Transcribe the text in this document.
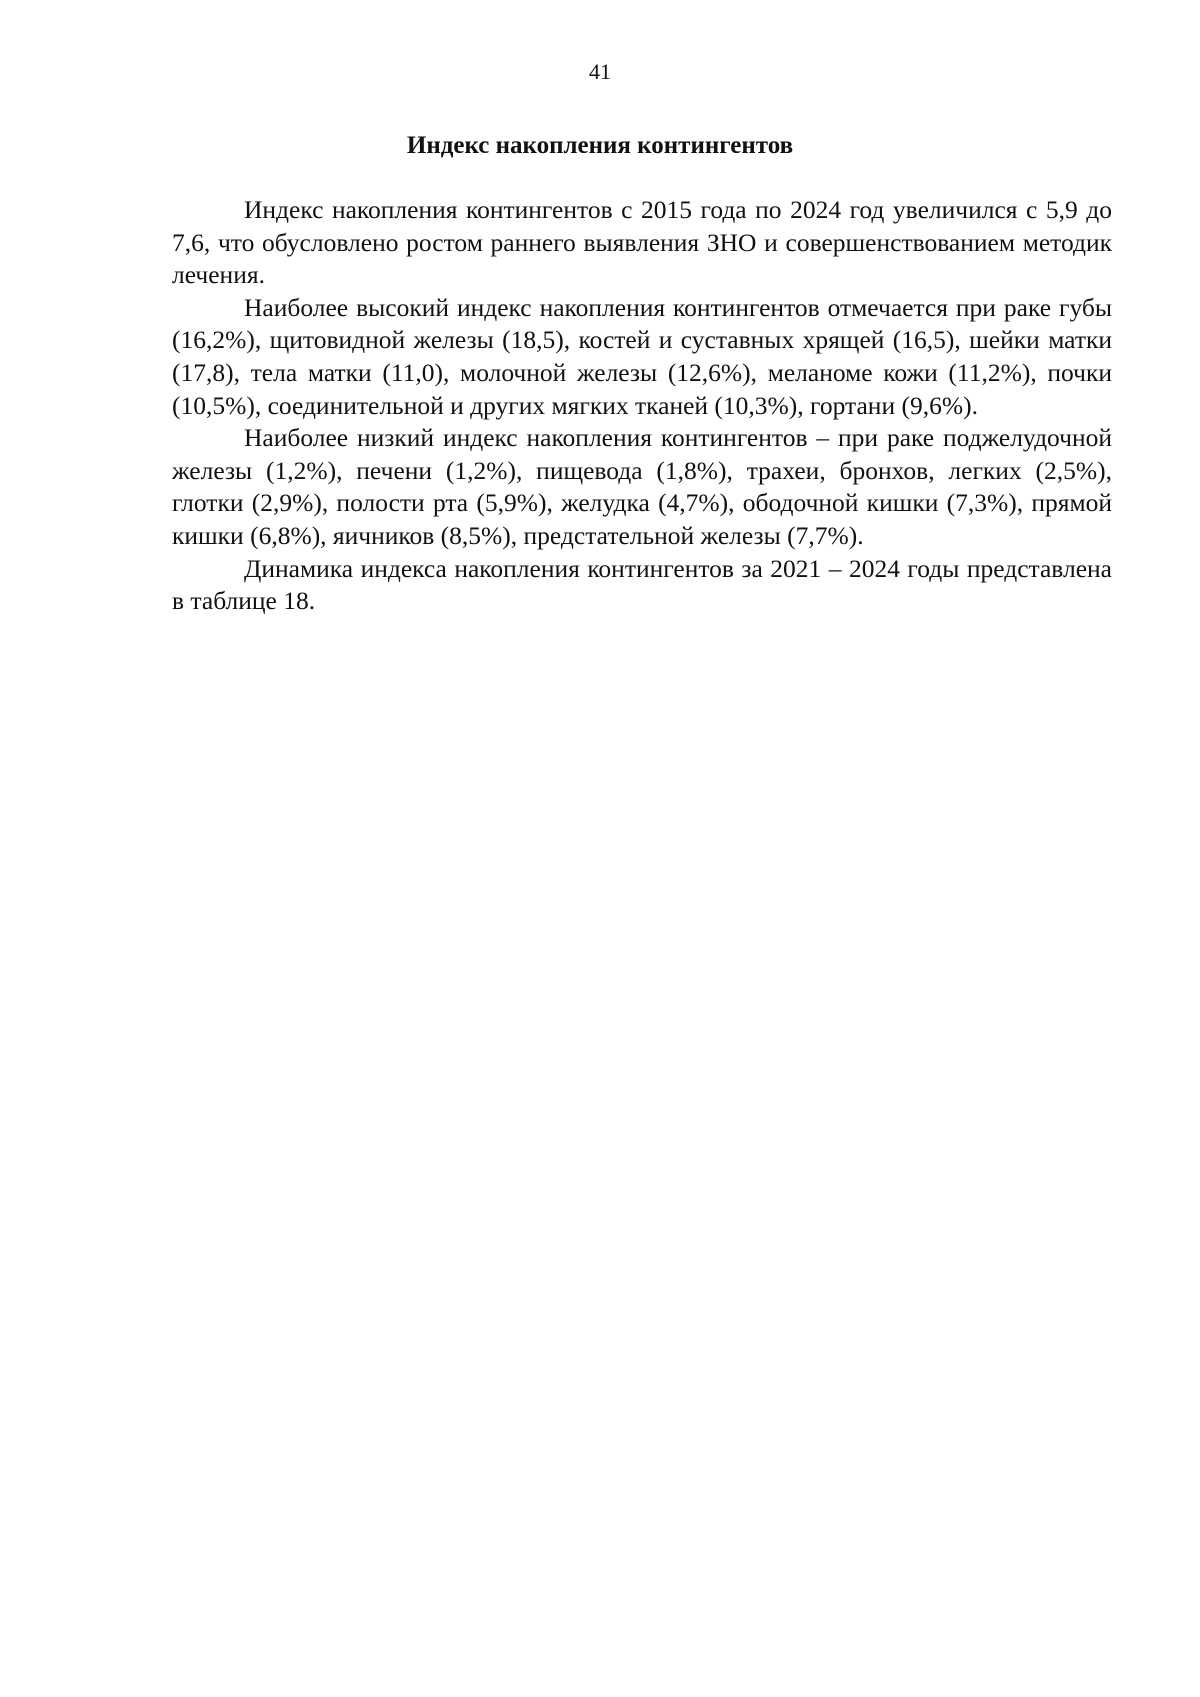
41
Индекс накопления контингентов

Индекс накопления контингентов с 2015 года по 2024 год увеличился с 5,9 до 7,6, что обусловлено ростом раннего выявления ЗНО и совершенствованием методик лечения.

Наиболее высокий индекс накопления контингентов отмечается при раке губы (16,2%), щитовидной железы (18,5), костей и суставных хрящей (16,5), шейки матки (17,8), тела матки (11,0), молочной железы (12,6%), меланоме кожи (11,2%), почки (10,5%), соединительной и других мягких тканей (10,3%), гортани (9,6%).

Наиболее низкий индекс накопления контингентов – при раке поджелудочной железы (1,2%), печени (1,2%), пищевода (1,8%), трахеи, бронхов, легких (2,5%), глотки (2,9%), полости рта (5,9%), желудка (4,7%), ободочной кишки (7,3%), прямой кишки (6,8%), яичников (8,5%), предстательной железы (7,7%).

Динамика индекса накопления контингентов за 2021 – 2024 годы представлена в таблице 18.
